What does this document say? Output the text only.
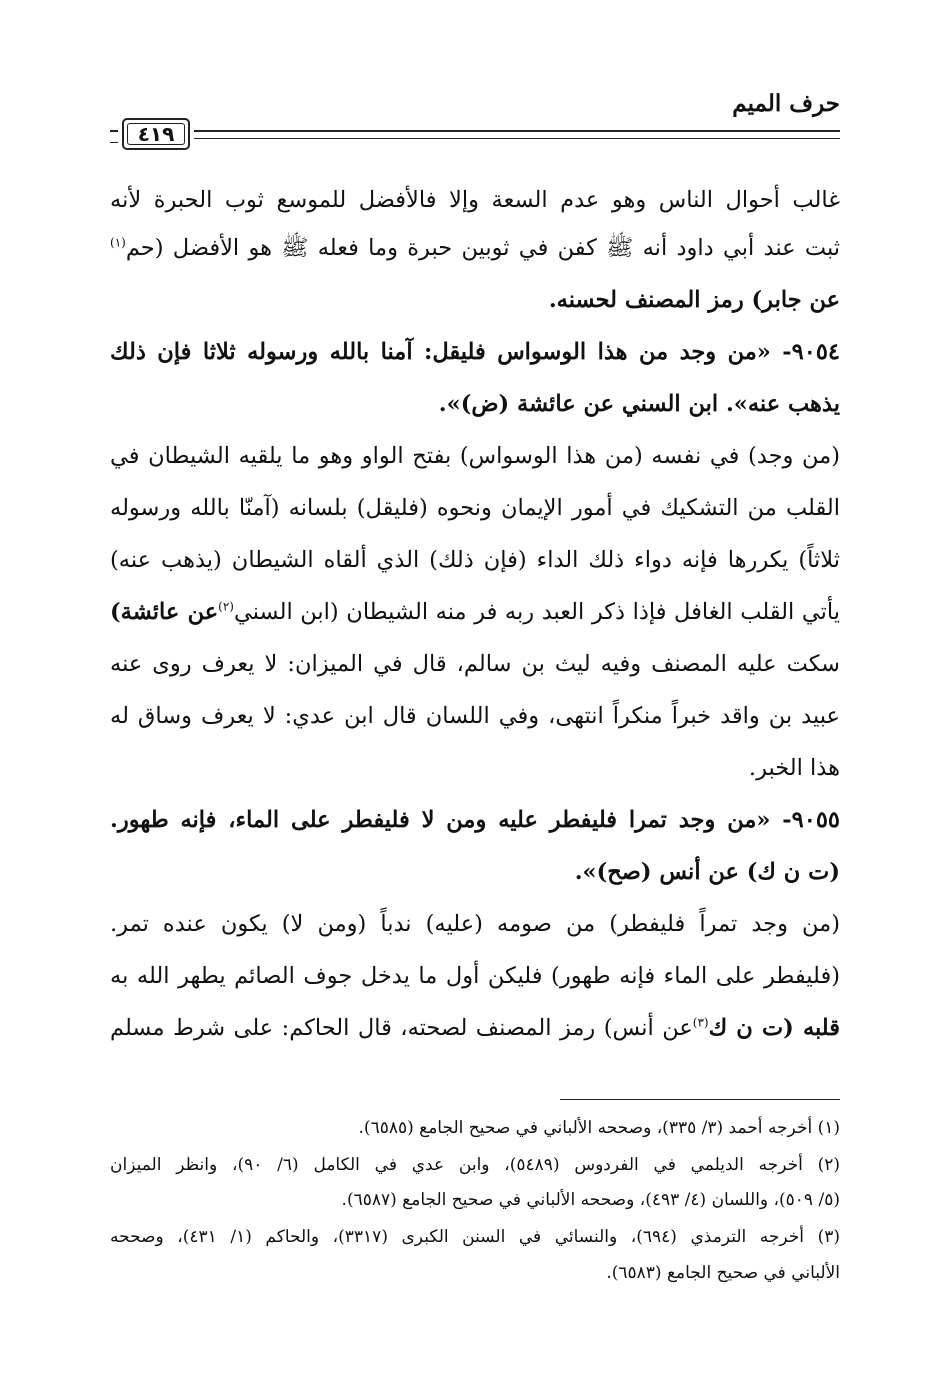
حرف الميم
٤١٩
غالب أحوال الناس وهو عدم السعة وإلا فالأفضل للموسع ثوب الحبرة لأنه
ثبت عند أبي داود أنه ﷺ كفن في ثوبين حبرة وما فعله ﷺ هو الأفضل (حم$^{(١)}$
عن جابر) رمز المصنف لحسنه.
٩٠٥٤- «من وجد من هذا الوسواس فليقل: آمنا بالله ورسوله ثلاثا فإن ذلك
يذهب عنه». ابن السني عن عائشة (ض)».
(من وجد) في نفسه (من هذا الوسواس) بفتح الواو وهو ما يلقيه الشيطان في
القلب من التشكيك في أمور الإيمان ونحوه (فليقل) بلسانه (آمنّا بالله ورسوله
ثلاثاً) يكررها فإنه دواء ذلك الداء (فإن ذلك) الذي ألقاه الشيطان (يذهب عنه)
يأتي القلب الغافل فإذا ذكر العبد ربه فر منه الشيطان (ابن السني$^{(٢)}$عن عائشة)
سكت عليه المصنف وفيه ليث بن سالم، قال في الميزان: لا يعرف روى عنه
عبيد بن واقد خبراً منكراً انتهى، وفي اللسان قال ابن عدي: لا يعرف وساق له
هذا الخبر.
٩٠٥٥- «من وجد تمرا فليفطر عليه ومن لا فليفطر على الماء، فإنه طهور.
(ت ن ك) عن أنس (صح)».
(من وجد تمراً فليفطر) من صومه (عليه) ندباً (ومن لا) يكون عنده تمر.
(فليفطر على الماء فإنه طهور) فليكن أول ما يدخل جوف الصائم يطهر الله به
قلبه (ت ن ك$^{(٣)}$عن أنس) رمز المصنف لصحته، قال الحاكم: على شرط مسلم
(١) أخرجه أحمد (٣/ ٣٣٥)، وصححه الألباني في صحيح الجامع (٦٥٨٥).
(٢) أخرجه الديلمي في الفردوس (٥٤٨٩)، وابن عدي في الكامل (٦/ ٩٠)، وانظر الميزان
(٥/ ٥٠٩)، واللسان (٤/ ٤٩٣)، وصححه الألباني في صحيح الجامع (٦٥٨٧).
(٣) أخرجه الترمذي (٦٩٤)، والنسائي في السنن الكبرى (٣٣١٧)، والحاكم (١/ ٤٣١)، وصححه
الألباني في صحيح الجامع (٦٥٨٣).
